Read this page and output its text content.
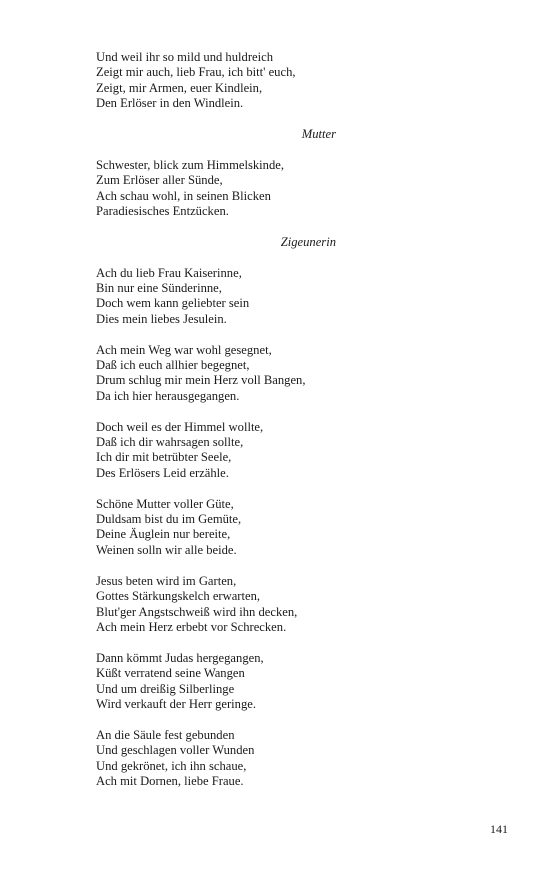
Und weil ihr so mild und huldreich
Zeigt mir auch, lieb Frau, ich bitt' euch,
Zeigt, mir Armen, euer Kindlein,
Den Erlöser in den Windlein.
Mutter
Schwester, blick zum Himmelskinde,
Zum Erlöser aller Sünde,
Ach schau wohl, in seinen Blicken
Paradiesisches Entzücken.
Zigeunerin
Ach du lieb Frau Kaiserinne,
Bin nur eine Sünderinne,
Doch wem kann geliebter sein
Dies mein liebes Jesulein.
Ach mein Weg war wohl gesegnet,
Daß ich euch allhier begegnet,
Drum schlug mir mein Herz voll Bangen,
Da ich hier herausgegangen.
Doch weil es der Himmel wollte,
Daß ich dir wahrsagen sollte,
Ich dir mit betrübter Seele,
Des Erlösers Leid erzähle.
Schöne Mutter voller Güte,
Duldsam bist du im Gemüte,
Deine Äuglein nur bereite,
Weinen solln wir alle beide.
Jesus beten wird im Garten,
Gottes Stärkungskelch erwarten,
Blut'ger Angstschweiß wird ihn decken,
Ach mein Herz erbebt vor Schrecken.
Dann kömmt Judas hergegangen,
Küßt verratend seine Wangen
Und um dreißig Silberlinge
Wird verkauft der Herr geringe.
An die Säule fest gebunden
Und geschlagen voller Wunden
Und gekrönet, ich ihn schaue,
Ach mit Dornen, liebe Fraue.
141
